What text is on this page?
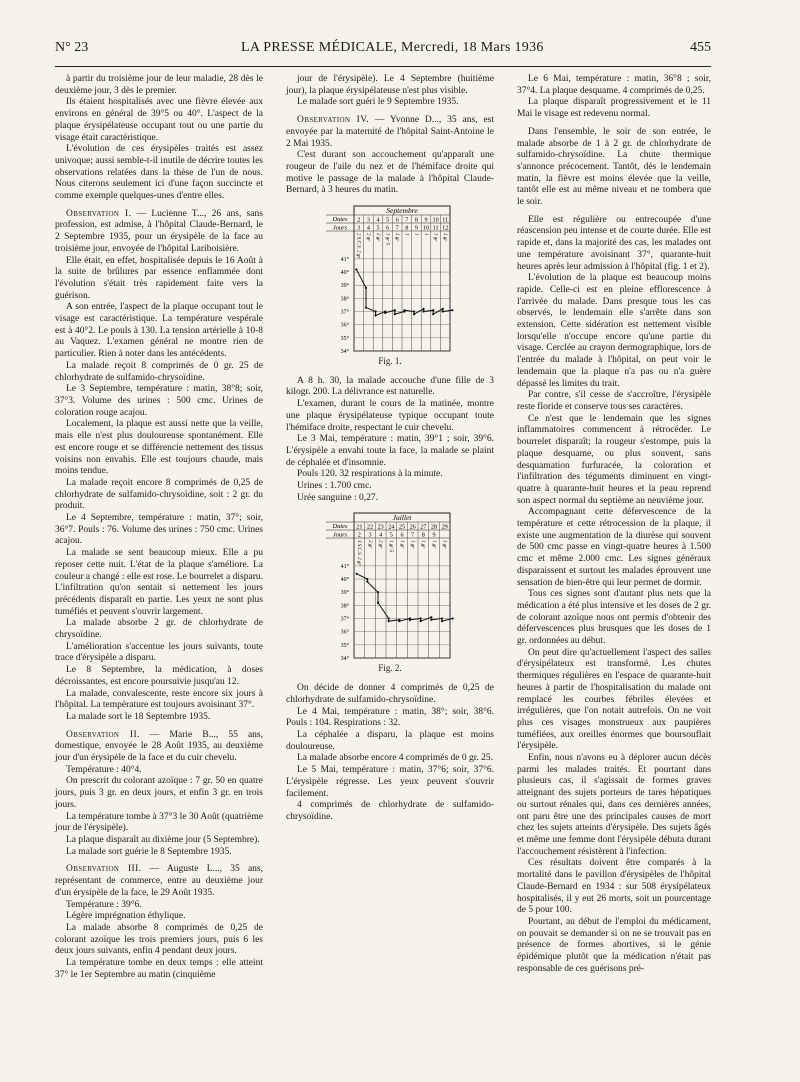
N° 23	LA PRESSE MÉDICALE, Mercredi, 18 Mars 1936	455

à partir du troisième jour de leur maladie, 28 dès le deuxième jour, 3 dès le premier.

Ils étaient hospitalisés avec une fièvre élevée aux environs en général de 39°5 ou 40°. L'aspect de la plaque érysipélateuse occupant tout ou une partie du visage était caractéristique.

L'évolution de ces érysipèles traités est assez univoque; aussi semble-t-il inutile de décrire toutes les observations relatées dans la thèse de l'un de nous. Nous citerons seulement ici d'une façon succincte et comme exemple quelques-unes d'entre elles.

Observation I. — Lucienne T..., 26 ans, sans profession, est admise, à l'hôpital Claude-Bernard, le 2 Septembre 1935, pour un érysipèle de la face au troisième jour, envoyée de l'hôpital Lariboisière.

Elle était, en effet, hospitalisée depuis le 16 Août à la suite de brûlures par essence enflammée dont l'évolution s'était très rapidement faite vers la guérison.

A son entrée, l'aspect de la plaque occupant tout le visage est caractéristique. La température vespérale est à 40°2. Le pouls à 130. La tension artérielle à 10-8 au Vaquez. L'examen général ne montre rien de particulier. Rien à noter dans les antécédents.

La malade reçoit 8 comprimés de 0 gr. 25 de chlorhydrate de sulfamido-chrysoïdine.

Le 3 Septembre, température : matin, 38°8; soir, 37°3. Volume des urines : 500 cmc. Urines de coloration rouge acajou.

Localement, la plaque est aussi nette que la veille, mais elle n'est plus douloureuse spontanément. Elle est encore rouge et se différencie nettement des tissus voisins non envahis. Elle est toujours chaude, mais moins tendue.

La malade reçoit encore 8 comprimés de 0,25 de chlorhydrate de sulfamido-chrysoïdine, soit : 2 gr. du produit.

Le 4 Septembre, température : matin, 37°; soir, 36°7. Pouls : 76. Volume des urines : 750 cmc. Urines acajou.

La malade se sent beaucoup mieux. Elle a pu reposer cette nuit. L'état de la plaque s'améliore. La couleur a changé : elle est rose. Le bourrelet a disparu. L'infiltration qu'on sentait si nettement les jours précédents disparaît en partie. Les yeux ne sont plus tuméfiés et peuvent s'ouvrir largement.

La malade absorbe 2 gr. de chlorhydrate de chrysoïdine.

L'amélioration s'accentue les jours suivants, toute trace d'érysipèle a disparu.

Le 8 Septembre, la médication, à doses décroissantes, est encore poursuivie jusqu'au 12.

La malade, convalescente, reste encore six jours à l'hôpital. La température est toujours avoisinant 37°.

La malade sort le 18 Septembre 1935.

Observation II. — Marie B..., 55 ans, domestique, envoyée le 28 Août 1935, au deuxième jour d'un érysipèle de la face et du cuir chevelu.

Température : 40°4.

On prescrit du colorant azoïque : 7 gr. 50 en quatre jours, puis 3 gr. en deux jours, et enfin 3 gr. en trois jours.

La température tombe à 37°3 le 30 Août (quatrième jour de l'érysipèle).

La plaque disparaît au dixième jour (5 Septembre).

La malade sort guérie le 8 Septembre 1935.

Observation III. — Auguste L..., 35 ans, représentant de commerce, entre au deuxième jour d'un érysipèle de la face, le 29 Août 1935.

Température : 39°6.

Légère imprégnation éthylique.

La malade absorbe 8 comprimés de 0,25 de colorant azoïque les trois premiers jours, puis 6 les deux jours suivants, enfin 4 pendant deux jours.

La température tombe en deux temps : elle atteint 37° le 1er Septembre au matin (cinquième

jour de l'érysipèle). Le 4 Septembre (huitième jour), la plaque érysipélateuse n'est plus visible.

Le malade sort guéri le 9 Septembre 1935.

Observation IV. — Yvonne D..., 35 ans, est envoyée par la maternité de l'hôpital Saint-Antoine le 2 Mai 1935.

C'est durant son accouchement qu'apparaît une rougeur de l'aile du nez et de l'hémiface droite qui motive le passage de la malade à l'hôpital Claude-Bernard, à 3 heures du matin.

Septembre
Dates
Jours
2 3 4 5 6 7 8 9 10 11
3 4 5 6 7 8 9 10 11 12
2 S.C.S. 2 gr 2 gr 2 gr 1 gr 5 1 gr 1 1 1 1 gr 1 gr
41°
40°
39°
38°
37°
36°
35°
34°

Fig. 1.

A 8 h. 30, la malade accouche d'une fille de 3 kilogr. 200. La délivrance est naturelle.

L'examen, durant le cours de la matinée, montre une plaque érysipélateuse typique occupant toute l'hémiface droite, respectant le cuir chevelu.

Le 3 Mai, température : matin, 39°1 ; soir, 39°6. L'érysipèle a envahi toute la face, la malade se plaint de céphalée et d'insomnie.

Pouls 120. 32 respirations à la minute.

Urines : 1.700 cmc.

Urée sanguine : 0,27.

Juillet
Dates
Jours
21 22 23 24 25 26 27 28 29
2 3 4 5 6 7 8 9
3 S.C.S. 2 gr 2 gr 2 gr 1 gr 5 1 gr 1 gr 1 gr 1 gr 1 gr
41°
40°
39°
38°
37°
36°
35°
34°

Fig. 2.

On décide de donner 4 comprimés de 0,25 de chlorhydrate de sulfamido-chrysoïdine.

Le 4 Mai, température : matin, 38°; soir, 38°6. Pouls : 104. Respirations : 32.

La céphalée a disparu, la plaque est moins douloureuse.

La malade absorbe encore 4 comprimés de 0 gr. 25.

Le 5 Mai, température : matin, 37°6; soir, 37°6. L'érysipèle régresse. Les yeux peuvent s'ouvrir facilement.

4 comprimés de chlorhydrate de sulfamido-chrysoïdine.

Le 6 Mai, température : matin, 36°8 ; soir, 37°4. La plaque desquame. 4 comprimés de 0,25.

La plaque disparaît progressivement et le 11 Mai le visage est redevenu normal.

Dans l'ensemble, le soir de son entrée, le malade absorbe de 1 à 2 gr. de chlorhydrate de sulfamido-chrysoïdine. La chute thermique s'annonce précocement. Tantôt, dès le lendemain matin, la fièvre est moins élevée que la veille, tantôt elle est au même niveau et ne tombera que le soir.

Elle est régulière ou entrecoupée d'une réascension peu intense et de courte durée. Elle est rapide et, dans la majorité des cas, les malades ont une température avoisinant 37°, quarante-huit heures après leur admission à l'hôpital (fig. 1 et 2).

L'évolution de la plaque est beaucoup moins rapide. Celle-ci est en pleine efflorescence à l'arrivée du malade. Dans presque tous les cas observés, le lendemain elle s'arrête dans son extension. Cette sidération est nettement visible lorsqu'elle n'occupe encore qu'une partie du visage. Cerclée au crayon dermographique, lors de l'entrée du malade à l'hôpital, on peut voir le lendemain que la plaque n'a pas ou n'a guère dépassé les limites du trait.

Par contre, s'il cesse de s'accroître, l'érysipèle reste floride et conserve tous ses caractères.

Ce n'est que le lendemain que les signes inflammatoires commencent à rétrocéder. Le bourrelet disparaît; la rougeur s'estompe, puis la plaque desquame, ou plus souvent, sans desquamation furfuracée, la coloration et l'infiltration des téguments diminuent en vingt-quatre à quarante-huit heures et la peau reprend son aspect normal du septième au neuvième jour.

Accompagnant cette défervescence de la température et cette rétrocession de la plaque, il existe une augmentation de la diurèse qui souvent de 500 cmc passe en vingt-quatre heures à 1.500 cmc et même 2.000 cmc. Les signes généraux disparaissent et surtout les malades éprouvent une sensation de bien-être qui leur permet de dormir.

Tous ces signes sont d'autant plus nets que la médication a été plus intensive et les doses de 2 gr. de colorant azoïque nous ont permis d'obtenir des défervescences plus brusques que les doses de 1 gr. ordonnées au début.

On peut dire qu'actuellement l'aspect des salles d'érysipélateux est transformé. Les chutes thermiques régulières en l'espace de quarante-huit heures à partir de l'hospitalisation du malade ont remplacé les courbes fébriles élevées et irrégulières, que l'on notait autrefois. On ne voit plus ces visages monstrueux aux paupières tuméfiées, aux oreilles énormes que boursouflait l'érysipèle.

Enfin, nous n'avons eu à déplorer aucun décès parmi les malades traités. Et pourtant dans plusieurs cas, il s'agissait de formes graves atteignant des sujets porteurs de tares hépatiques ou surtout rénales qui, dans ces dernières années, ont paru être une des principales causes de mort chez les sujets atteints d'érysipèle. Des sujets âgés et même une femme dont l'érysipèle débuta durant l'accouchement résistèrent à l'infection.

Ces résultats doivent être comparés à la mortalité dans le pavillon d'érysipèles de l'hôpital Claude-Bernard en 1934 : sur 508 érysipélateux hospitalisés, il y eut 26 morts, soit un pourcentage de 5 pour 100.

Pourtant, au début de l'emploi du médicament, on pouvait se demander si on ne se trouvait pas en présence de formes abortives, si le génie épidémique plutôt que la médication n'était pas responsable de ces guérisons pré-
